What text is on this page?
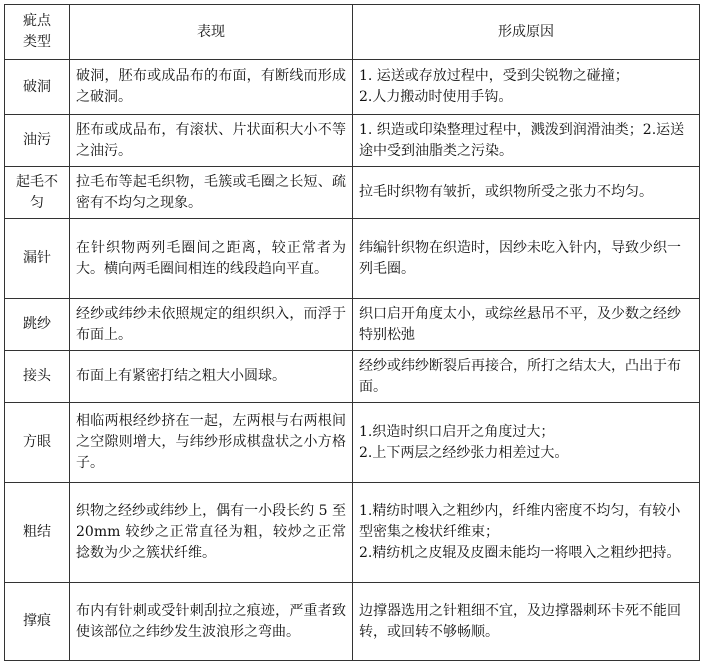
疵点
类型	表现	形成原因
破洞	破洞，胚布或成品布的布面，有断线而形成之破洞。	1. 运送或存放过程中，受到尖锐物之碰撞；
2.人力搬动时使用手钩。

油污	胚布或成品布，有滚状、片状面积大小不等之油污。	1. 织造或印染整理过程中，溅泼到润滑油类；2.运送途中受到油脂类之污染。

起毛不匀	拉毛布等起毛织物，毛簇或毛圈之长短、疏密有不均匀之现象。	拉毛时织物有皱折，或织物所受之张力不均匀。

漏针	在针织物两列毛圈间之距离，较正常者为大。横向两毛圈间相连的线段趋向平直。	纬编针织物在织造时，因纱未吃入针内，导致少织一列毛圈。

跳纱	经纱或纬纱未依照规定的组织织入，而浮于布面上。	织口启开角度太小，或综丝悬吊不平，及少数之经纱特别松弛

接头	布面上有紧密打结之粗大小圆球。	经纱或纬纱断裂后再接合，所打之结太大，凸出于布面。

方眼	相临两根经纱挤在一起，左两根与右两根间之空隙则增大，与纬纱形成棋盘状之小方格子。	1.织造时织口启开之角度过大；
2.上下两层之经纱张力相差过大。

粗结	织物之经纱或纬纱上，偶有一小段长约 5 至 20mm 较纱之正常直径为粗，较炒之正常捻数为少之簇状纤维。	1.精纺时喂入之粗纱内，纤维内密度不均匀，有较小型密集之梭状纤维束；
2.精纺机之皮辊及皮圈未能均一将喂入之粗纱把持。

撑痕	布内有针刺或受针刺刮拉之痕迹，严重者致使该部位之纬纱发生波浪形之弯曲。	边撑器选用之针粗细不宜，及边撑器刺环卡死不能回转，或回转不够畅顺。
